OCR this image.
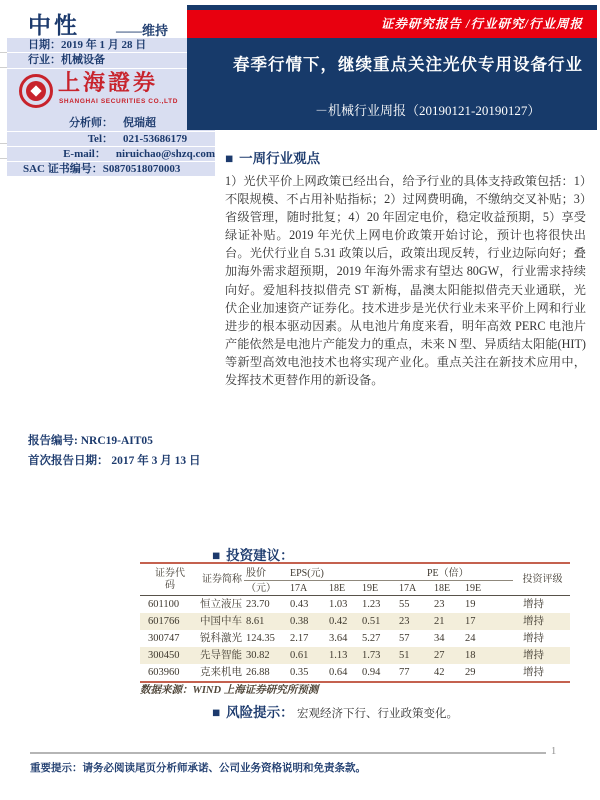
中性	——维持
日期：2019 年 1 月 28 日
行业：机械设备
上海證券
SHANGHAI SECURITIES CO.,LTD
分析师： 倪瑞超
Tel： 021-53686179
E-mail： niruichao@shzq.com
SAC 证书编号：S0870518070003
证券研究报告 /行业研究/行业周报
春季行情下，继续重点关注光伏专用设备行业
－机械行业周报（20190121-20190127）
■ 一周行业观点

1）光伏平价上网政策已经出台，给予行业的具体支持政策包括：1）不限规模、不占用补贴指标；2）过网费明确，不缴纳交叉补贴；3）省级管理，随时批复；4）20 年固定电价，稳定收益预期，5）享受绿证补贴。2019 年光伏上网电价政策开始讨论，预计也将很快出台。光伏行业自 5.31 政策以后，政策出现反转，行业边际向好；叠加海外需求超预期，2019 年海外需求有望达 80GW，行业需求持续向好。爱旭科技拟借壳 ST 新梅，晶澳太阳能拟借壳天业通联，光伏企业加速资产证券化。技术进步是光伏行业未来平价上网和行业进步的根本驱动因素。从电池片角度来看，明年高效 PERC 电池片产能依然是电池片产能发力的重点，未来 N 型、异质结太阳能(HIT)等新型高效电池技术也将实现产业化。重点关注在新技术应用中，发挥技术更替作用的新设备。

报告编号: NRC19-AIT05
首次报告日期： 2017 年 3 月 13 日
■ 投资建议：
证券代码	证券简称	股价	EPS(元)			PE（倍）			投资评级
		（元）	17A	18E	19E	17A	18E	19E	
601100	恒立液压	23.70	0.43	1.03	1.23	55	23	19	增持
601766	中国中车	8.61	0.38	0.42	0.51	23	21	17	增持
300747	锐科激光	124.35	2.17	3.64	5.27	57	34	24	增持
300450	先导智能	30.82	0.61	1.13	1.73	51	27	18	增持
603960	克来机电	26.88	0.35	0.64	0.94	77	42	29	增持
数据来源：WIND 上海证券研究所预测
■ 风险提示： 宏观经济下行、行业政策变化。
1
重要提示：请务必阅读尾页分析师承诺、公司业务资格说明和免责条款。
